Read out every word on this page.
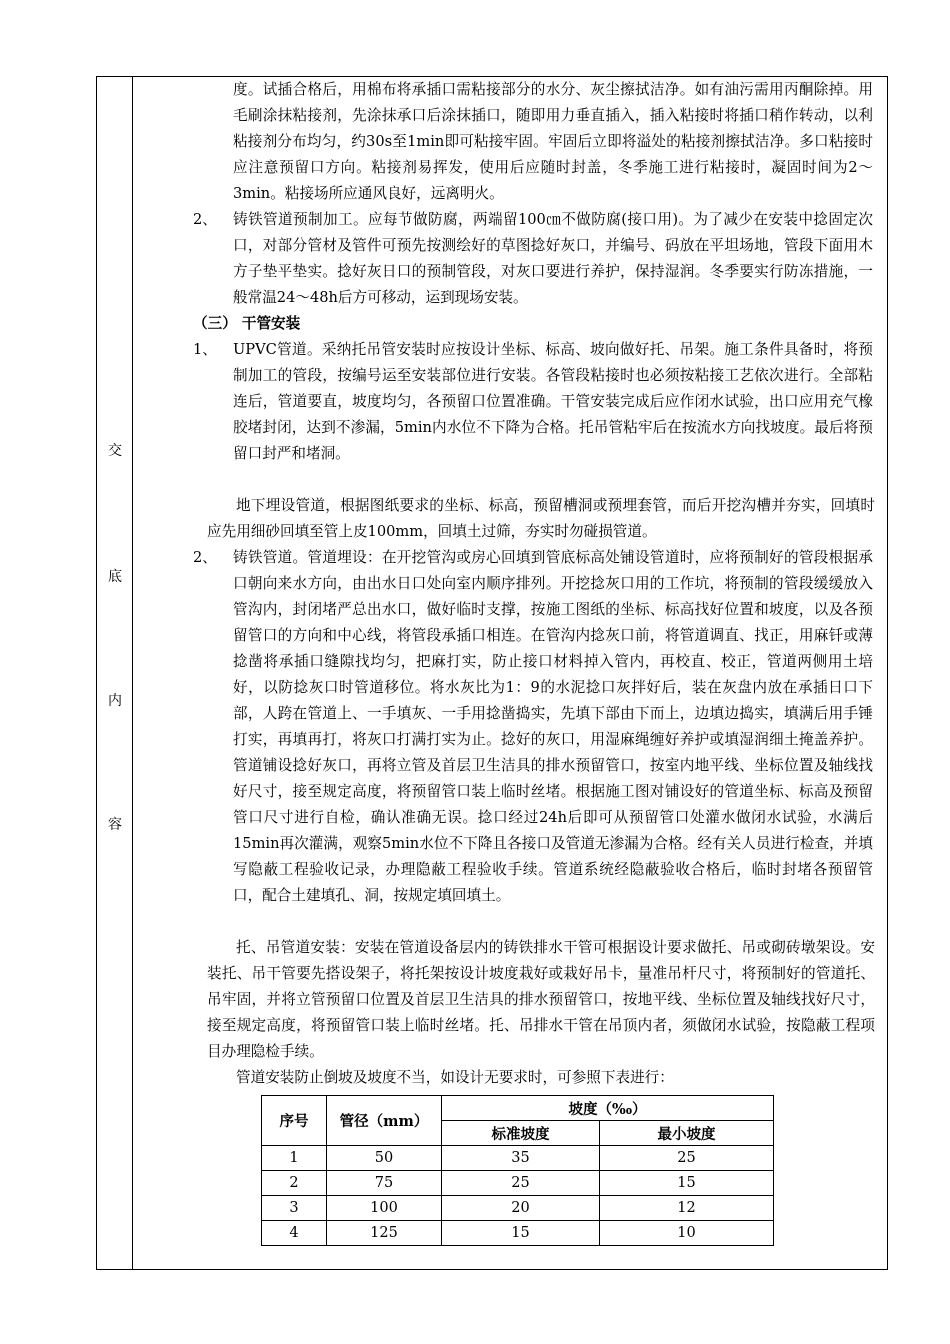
交
底
内
容
度。试插合格后，用棉布将承插口需粘接部分的水分、灰尘擦拭洁净。如有油污需用丙酮除掉。用毛刷涂抹粘接剂，先涂抹承口后涂抹插口，随即用力垂直插入，插入粘接时将插口稍作转动，以利粘接剂分布均匀，约30s至1min即可粘接牢固。牢固后立即将溢处的粘接剂擦拭洁净。多口粘接时应注意预留口方向。粘接剂易挥发，使用后应随时封盖，冬季施工进行粘接时，凝固时间为2～3min。粘接场所应通风良好，远离明火。
2、 铸铁管道预制加工。应每节做防腐，两端留100㎝不做防腐(接口用)。为了减少在安装中捻固定次口，对部分管材及管件可预先按测绘好的草图捻好灰口，并编号、码放在平坦场地，管段下面用木方子垫平垫实。捻好灰日口的预制管段，对灰口要进行养护，保持湿润。冬季要实行防冻措施，一般常温24～48h后方可移动，运到现场安装。
（三） 干管安装
1、 UPVC管道。采纳托吊管安装时应按设计坐标、标高、坡向做好托、吊架。施工条件具备时，将预制加工的管段，按编号运至安装部位进行安装。各管段粘接时也必须按粘接工艺依次进行。全部粘连后，管道要直，坡度均匀，各预留口位置准确。干管安装完成后应作闭水试验，出口应用充气橡胶堵封闭，达到不渗漏，5min内水位不下降为合格。托吊管粘牢后在按流水方向找坡度。最后将预留口封严和堵洞。
地下埋设管道，根据图纸要求的坐标、标高，预留槽洞或预埋套管，而后开挖沟槽并夯实，回填时应先用细砂回填至管上皮100mm，回填土过筛，夯实时勿碰损管道。
2、 铸铁管道。管道埋设：在开挖管沟或房心回填到管底标高处铺设管道时，应将预制好的管段根据承口朝向来水方向，由出水日口处向室内顺序排列。开挖捻灰口用的工作坑，将预制的管段缓缓放入管沟内，封闭堵严总出水口，做好临时支撑，按施工图纸的坐标、标高找好位置和坡度，以及各预留管口的方向和中心线，将管段承插口相连。在管沟内捻灰口前，将管道调直、找正，用麻钎或薄捻凿将承插口缝隙找均匀，把麻打实，防止接口材料掉入管内，再校直、校正，管道两侧用土培好，以防捻灰口时管道移位。将水灰比为1：9的水泥捻口灰拌好后，装在灰盘内放在承插日口下部，人跨在管道上、一手填灰、一手用捻凿捣实，先填下部由下而上，边填边捣实，填满后用手锤打实，再填再打，将灰口打满打实为止。捻好的灰口，用湿麻绳缠好养护或填湿润细土掩盖养护。管道铺设捻好灰口，再将立管及首层卫生洁具的排水预留管口，按室内地平线、坐标位置及轴线找好尺寸，接至规定高度，将预留管口装上临时丝堵。根据施工图对铺设好的管道坐标、标高及预留管口尺寸进行自检，确认准确无误。捻口经过24h后即可从预留管口处灌水做闭水试验，水满后15min再次灌满，观察5min水位不下降且各接口及管道无渗漏为合格。经有关人员进行检查，并填写隐蔽工程验收记录，办理隐蔽工程验收手续。管道系统经隐蔽验收合格后，临时封堵各预留管口，配合土建填孔、洞，按规定填回填土。
托、吊管道安装：安装在管道设备层内的铸铁排水干管可根据设计要求做托、吊或砌砖墩架设。安装托、吊干管要先搭设架子，将托架按设计坡度栽好或栽好吊卡，量准吊杆尺寸，将预制好的管道托、吊牢固，并将立管预留口位置及首层卫生洁具的排水预留管口，按地平线、坐标位置及轴线找好尺寸，接至规定高度，将预留管口装上临时丝堵。托、吊排水干管在吊顶内者，须做闭水试验，按隐蔽工程项目办理隐检手续。
管道安装防止倒坡及坡度不当，如设计无要求时，可参照下表进行：
序号	管径（mm）	坡度（‰）	
		标准坡度	最小坡度
1	50	35	25
2	75	25	15
3	100	20	12
4	125	15	10
